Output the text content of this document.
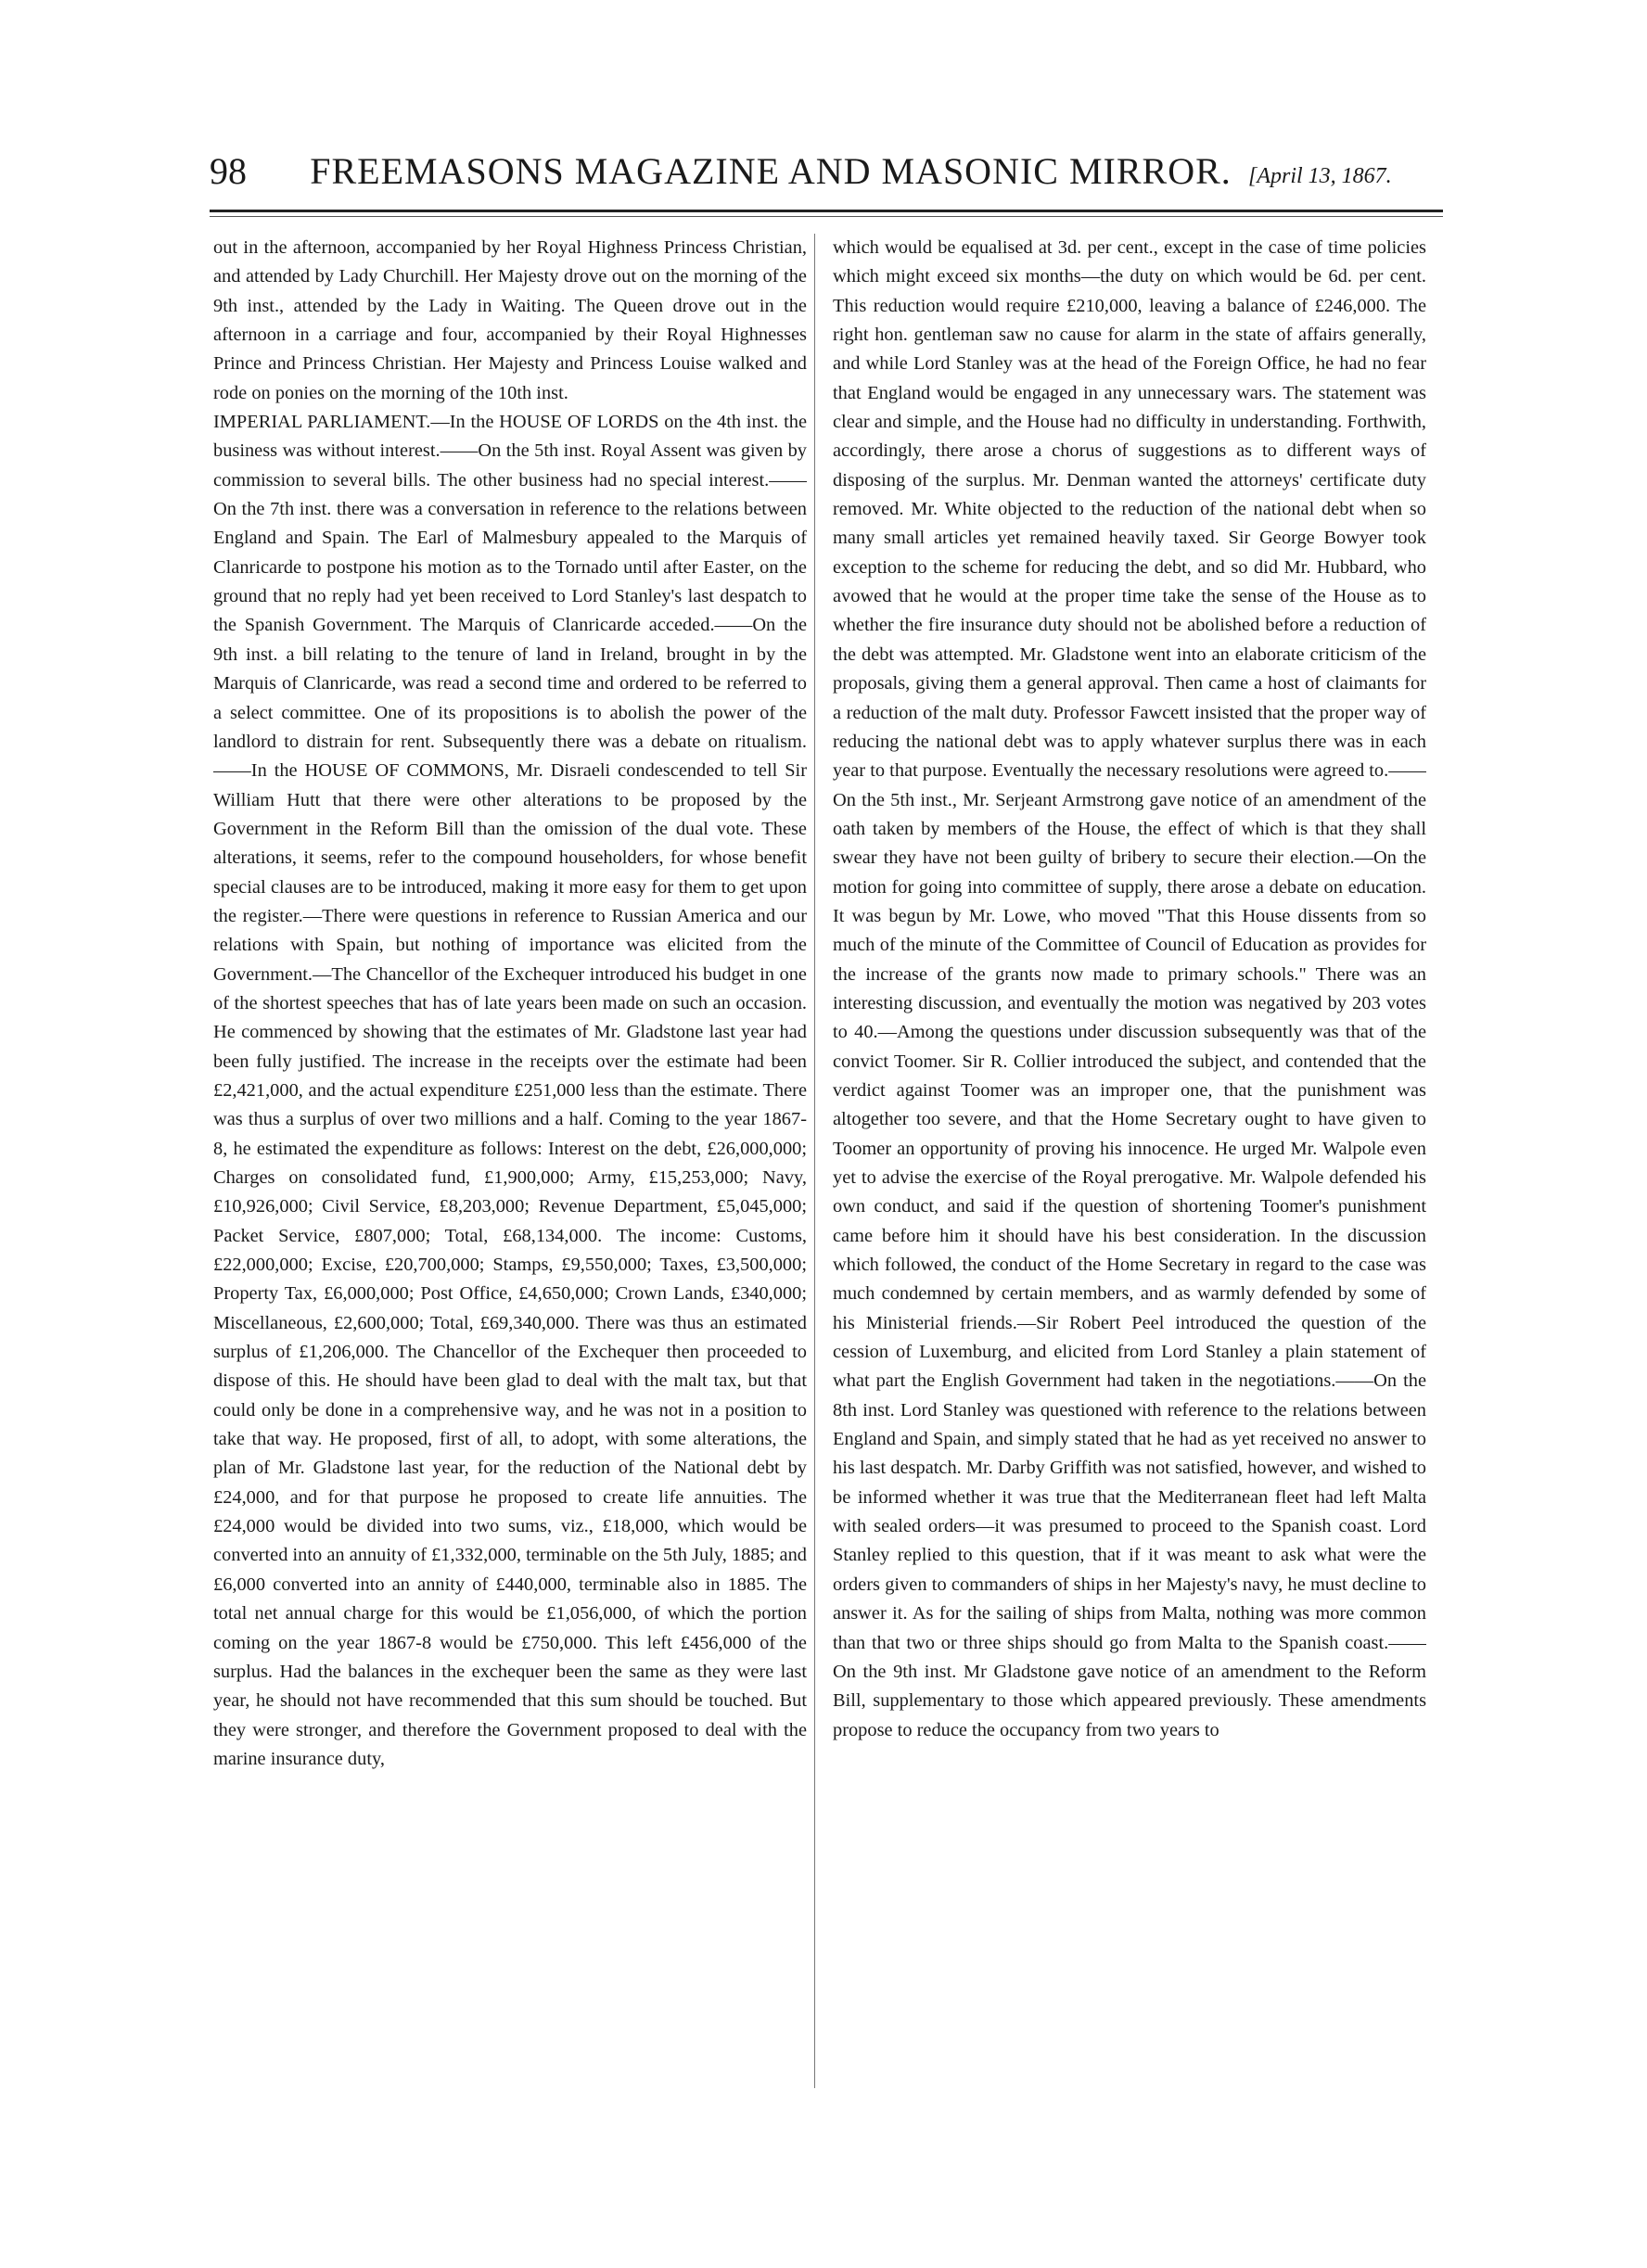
98	FREEMASONS MAGAZINE AND MASONIC MIRROR. [April 13, 1867.

out in the afternoon, accompanied by her Royal Highness Princess Christian, and attended by Lady Churchill. Her Majesty drove out on the morning of the 9th inst., attended by the Lady in Waiting. The Queen drove out in the afternoon in a carriage and four, accompanied by their Royal Highnesses Prince and Princess Christian. Her Majesty and Princess Louise walked and rode on ponies on the morning of the 10th inst.

IMPERIAL PARLIAMENT.—In the HOUSE OF LORDS on the 4th inst. the business was without interest.——On the 5th inst. Royal Assent was given by commission to several bills. The other business had no special interest.——On the 7th inst. there was a conversation in reference to the relations between England and Spain. The Earl of Malmesbury appealed to the Marquis of Clanricarde to postpone his motion as to the Tornado until after Easter, on the ground that no reply had yet been received to Lord Stanley's last despatch to the Spanish Government. The Marquis of Clanricarde acceded.——On the 9th inst. a bill relating to the tenure of land in Ireland, brought in by the Marquis of Clanricarde, was read a second time and ordered to be referred to a select committee. One of its propositions is to abolish the power of the landlord to distrain for rent. Subsequently there was a debate on ritualism.——In the HOUSE OF COMMONS, Mr. Disraeli condescended to tell Sir William Hutt that there were other alterations to be proposed by the Government in the Reform Bill than the omission of the dual vote. These alterations, it seems, refer to the compound householders, for whose benefit special clauses are to be introduced, making it more easy for them to get upon the register.—There were questions in reference to Russian America and our relations with Spain, but nothing of importance was elicited from the Government.—The Chancellor of the Exchequer introduced his budget in one of the shortest speeches that has of late years been made on such an occasion. He commenced by showing that the estimates of Mr. Gladstone last year had been fully justified. The increase in the receipts over the estimate had been £2,421,000, and the actual expenditure £251,000 less than the estimate. There was thus a surplus of over two millions and a half. Coming to the year 1867-8, he estimated the expenditure as follows: Interest on the debt, £26,000,000; Charges on consolidated fund, £1,900,000; Army, £15,253,000; Navy, £10,926,000; Civil Service, £8,203,000; Revenue Department, £5,045,000; Packet Service, £807,000; Total, £68,134,000. The income: Customs, £22,000,000; Excise, £20,700,000; Stamps, £9,550,000; Taxes, £3,500,000; Property Tax, £6,000,000; Post Office, £4,650,000; Crown Lands, £340,000; Miscellaneous, £2,600,000; Total, £69,340,000. There was thus an estimated surplus of £1,206,000. The Chancellor of the Exchequer then proceeded to dispose of this. He should have been glad to deal with the malt tax, but that could only be done in a comprehensive way, and he was not in a position to take that way. He proposed, first of all, to adopt, with some alterations, the plan of Mr. Gladstone last year, for the reduction of the National debt by £24,000, and for that purpose he proposed to create life annuities. The £24,000 would be divided into two sums, viz., £18,000, which would be converted into an annuity of £1,332,000, terminable on the 5th July, 1885; and £6,000 converted into an annity of £440,000, terminable also in 1885. The total net annual charge for this would be £1,056,000, of which the portion coming on the year 1867-8 would be £750,000. This left £456,000 of the surplus. Had the balances in the exchequer been the same as they were last year, he should not have recommended that this sum should be touched. But they were stronger, and therefore the Government proposed to deal with the marine insurance duty,

which would be equalised at 3d. per cent., except in the case of time policies which might exceed six months—the duty on which would be 6d. per cent. This reduction would require £210,000, leaving a balance of £246,000. The right hon. gentleman saw no cause for alarm in the state of affairs generally, and while Lord Stanley was at the head of the Foreign Office, he had no fear that England would be engaged in any unnecessary wars. The statement was clear and simple, and the House had no difficulty in understanding. Forthwith, accordingly, there arose a chorus of suggestions as to different ways of disposing of the surplus. Mr. Denman wanted the attorneys' certificate duty removed. Mr. White objected to the reduction of the national debt when so many small articles yet remained heavily taxed. Sir George Bowyer took exception to the scheme for reducing the debt, and so did Mr. Hubbard, who avowed that he would at the proper time take the sense of the House as to whether the fire insurance duty should not be abolished before a reduction of the debt was attempted. Mr. Gladstone went into an elaborate criticism of the proposals, giving them a general approval. Then came a host of claimants for a reduction of the malt duty. Professor Fawcett insisted that the proper way of reducing the national debt was to apply whatever surplus there was in each year to that purpose. Eventually the necessary resolutions were agreed to.——On the 5th inst., Mr. Serjeant Armstrong gave notice of an amendment of the oath taken by members of the House, the effect of which is that they shall swear they have not been guilty of bribery to secure their election.—On the motion for going into committee of supply, there arose a debate on education. It was begun by Mr. Lowe, who moved "That this House dissents from so much of the minute of the Committee of Council of Education as provides for the increase of the grants now made to primary schools." There was an interesting discussion, and eventually the motion was negatived by 203 votes to 40.—Among the questions under discussion subsequently was that of the convict Toomer. Sir R. Collier introduced the subject, and contended that the verdict against Toomer was an improper one, that the punishment was altogether too severe, and that the Home Secretary ought to have given to Toomer an opportunity of proving his innocence. He urged Mr. Walpole even yet to advise the exercise of the Royal prerogative. Mr. Walpole defended his own conduct, and said if the question of shortening Toomer's punishment came before him it should have his best consideration. In the discussion which followed, the conduct of the Home Secretary in regard to the case was much condemned by certain members, and as warmly defended by some of his Ministerial friends.—Sir Robert Peel introduced the question of the cession of Luxemburg, and elicited from Lord Stanley a plain statement of what part the English Government had taken in the negotiations.——On the 8th inst. Lord Stanley was questioned with reference to the relations between England and Spain, and simply stated that he had as yet received no answer to his last despatch. Mr. Darby Griffith was not satisfied, however, and wished to be informed whether it was true that the Mediterranean fleet had left Malta with sealed orders—it was presumed to proceed to the Spanish coast. Lord Stanley replied to this question, that if it was meant to ask what were the orders given to commanders of ships in her Majesty's navy, he must decline to answer it. As for the sailing of ships from Malta, nothing was more common than that two or three ships should go from Malta to the Spanish coast.——On the 9th inst. Mr Gladstone gave notice of an amendment to the Reform Bill, supplementary to those which appeared previously. These amendments propose to reduce the occupancy from two years to
